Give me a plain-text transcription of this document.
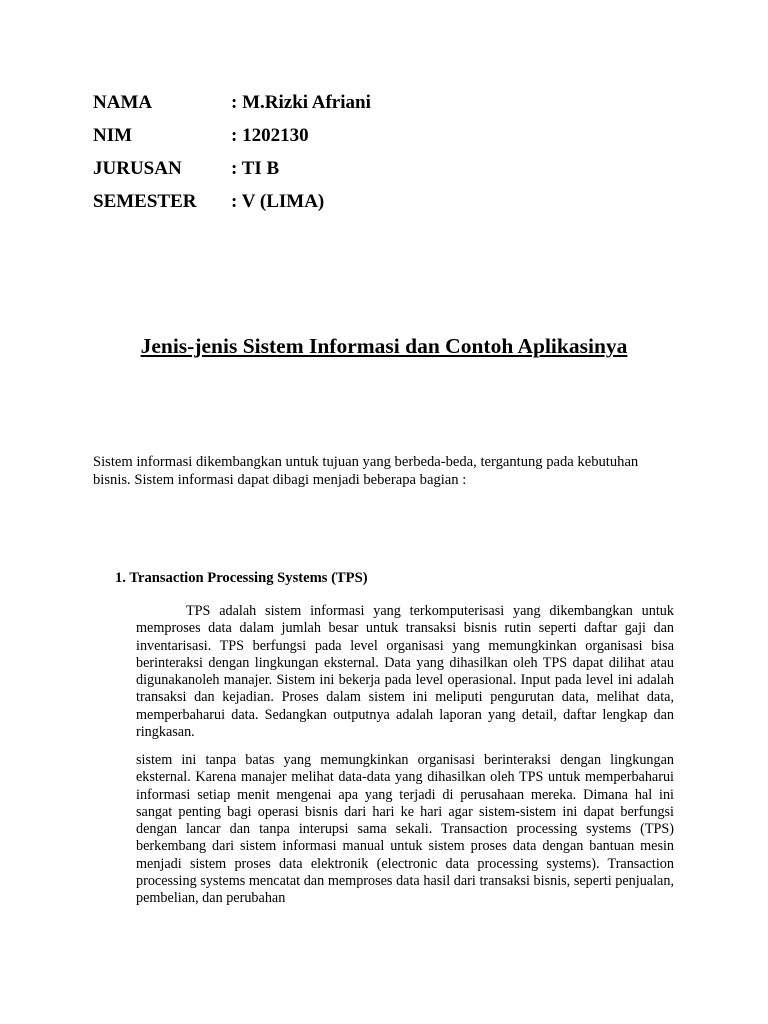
NAMA	: M.Rizki Afriani
NIM	: 1202130
JURUSAN	: TI B
SEMESTER	: V (LIMA)
Jenis-jenis Sistem Informasi dan Contoh Aplikasinya
Sistem informasi dikembangkan untuk tujuan yang berbeda-beda, tergantung pada kebutuhan bisnis. Sistem informasi dapat dibagi menjadi beberapa bagian :
1. Transaction Processing Systems (TPS)
TPS adalah sistem informasi yang terkomputerisasi yang dikembangkan untuk memproses data dalam jumlah besar untuk transaksi bisnis rutin seperti daftar gaji dan inventarisasi. TPS berfungsi pada level organisasi yang memungkinkan organisasi bisa berinteraksi dengan lingkungan eksternal. Data yang dihasilkan oleh TPS dapat dilihat atau digunakanoleh manajer. Sistem ini bekerja pada level operasional. Input pada level ini adalah transaksi dan kejadian. Proses dalam sistem ini meliputi pengurutan data, melihat data, memperbaharui data. Sedangkan outputnya adalah laporan yang detail, daftar lengkap dan ringkasan.
sistem ini tanpa batas yang memungkinkan organisasi berinteraksi dengan lingkungan eksternal. Karena manajer melihat data-data yang dihasilkan oleh TPS untuk memperbaharui informasi setiap menit mengenai apa yang terjadi di perusahaan mereka. Dimana hal ini sangat penting bagi operasi bisnis dari hari ke hari agar sistem-sistem ini dapat berfungsi dengan lancar dan tanpa interupsi sama sekali. Transaction processing systems (TPS) berkembang dari sistem informasi manual untuk sistem proses data dengan bantuan mesin menjadi sistem proses data elektronik (electronic data processing systems). Transaction processing systems mencatat dan memproses data hasil dari transaksi bisnis, seperti penjualan, pembelian, dan perubahan
